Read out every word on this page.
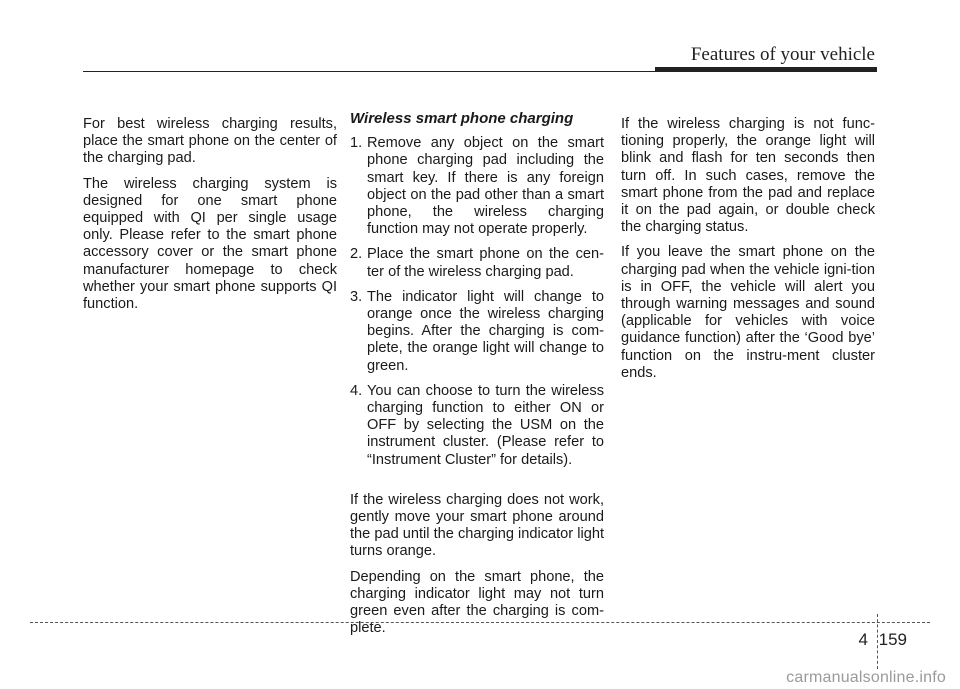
Features of your vehicle

For best wireless charging results, place the smart phone on the center of the charging pad.

The wireless charging system is designed for one smart phone equipped with QI per single usage only. Please refer to the smart phone accessory cover or the smart phone manufacturer homepage to check whether your smart phone supports QI function.

Wireless smart phone charging

1. Remove any object on the smart phone charging pad including the smart key. If there is any foreign object on the pad other than a smart phone, the wireless charging function may not operate properly.
2. Place the smart phone on the cen-ter of the wireless charging pad.
3. The indicator light will change to orange once the wireless charging begins. After the charging is com-plete, the orange light will change to green.
4. You can choose to turn the wireless charging function to either ON or OFF by selecting the USM on the instrument cluster. (Please refer to “Instrument Cluster” for details).

If the wireless charging does not work, gently move your smart phone around the pad until the charging indicator light turns orange.

Depending on the smart phone, the charging indicator light may not turn green even after the charging is com-plete.

If the wireless charging is not func-tioning properly, the orange light will blink and flash for ten seconds then turn off. In such cases, remove the smart phone from the pad and replace it on the pad again, or double check the charging status.

If you leave the smart phone on the charging pad when the vehicle igni-tion is in OFF, the vehicle will alert you through warning messages and sound (applicable for vehicles with voice guidance function) after the ‘Good bye’ function on the instru-ment cluster ends.

4 159
carmanualsonline.info
